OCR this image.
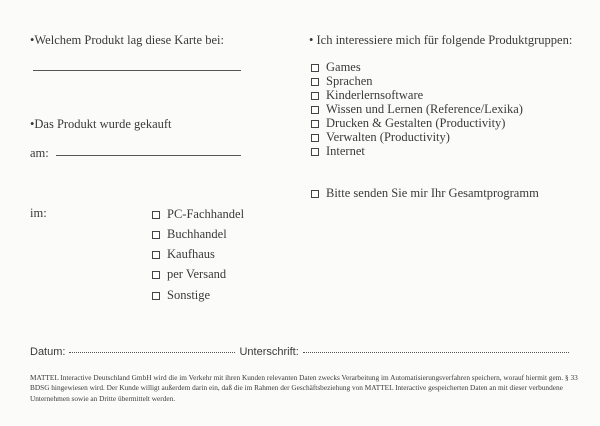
•Welchem Produkt lag diese Karte bei:
•Das Produkt wurde gekauft
am:
im:	PC-Fachhandel
Buchhandel
Kaufhaus
per Versand
Sonstige
• Ich interessiere mich für folgende Produktgruppen:
Games
Sprachen
Kinderlernsoftware
Wissen und Lernen (Reference/Lexika)
Drucken & Gestalten (Productivity)
Verwalten (Productivity)
Internet
Bitte senden Sie mir Ihr Gesamtprogramm
Datum:	Unterschrift:
MATTEL Interactive Deutschland GmbH wird die im Verkehr mit ihren Kunden relevanten Daten zwecks Verarbeitung im Automatisierungsverfahren speichern, worauf hiermit gem. § 33 BDSG hingewiesen wird. Der Kunde willigt außerdem darin ein, daß die im Rahmen der Geschäftsbeziehung von MATTEL Interactive gespeicherten Daten an mit dieser verbundene Unternehmen sowie an Dritte übermittelt werden.
